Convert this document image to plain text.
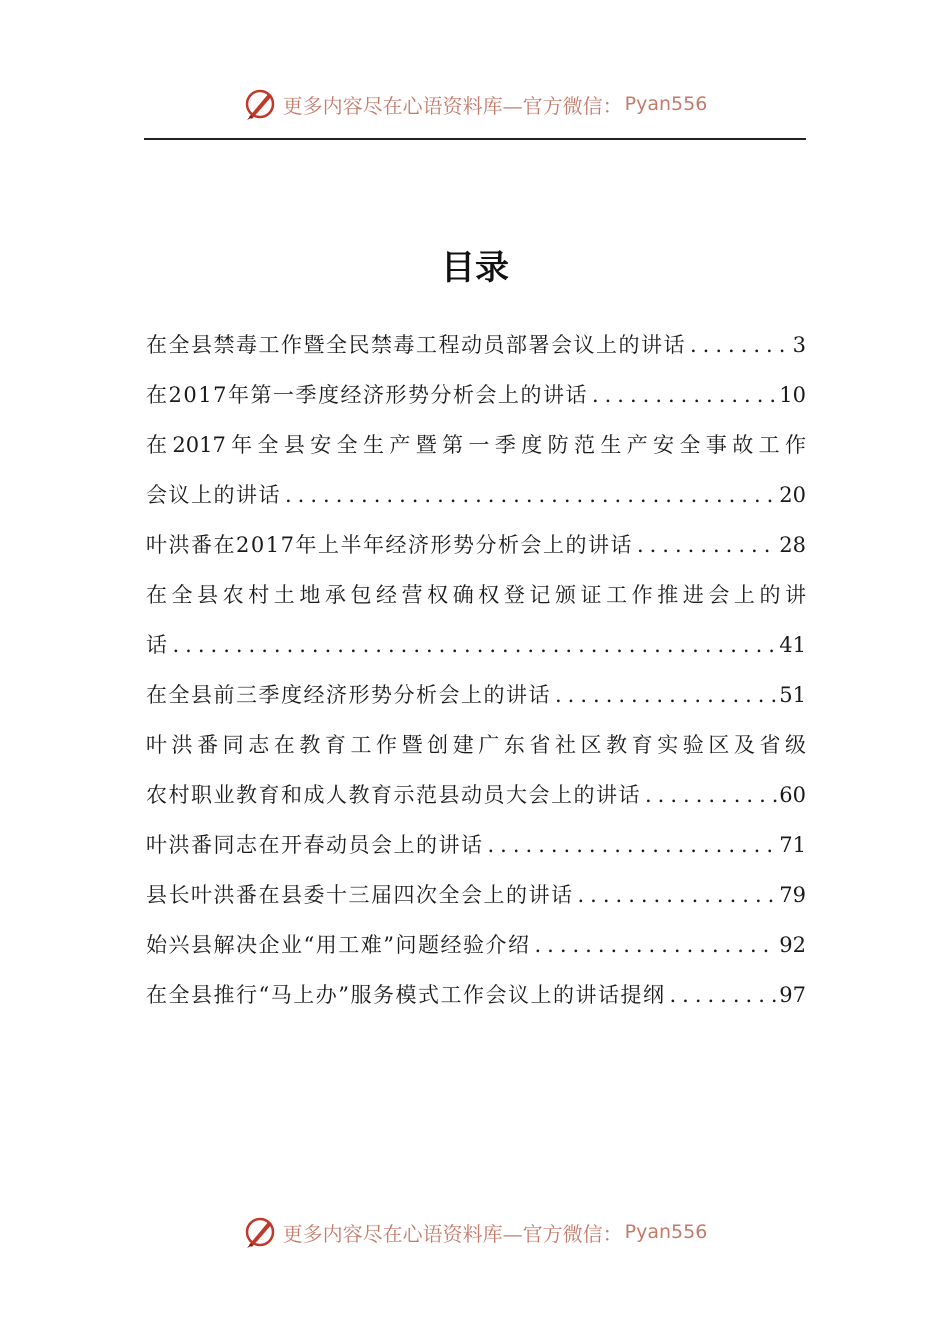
更多内容尽在心语资料库—官方微信： Pyan556
目录
在全县禁毒工作暨全民禁毒工程动员部署会议上的讲话 .....	3
在2017年第一季度经济形势分析会上的讲话 .....	10
在2017年全县安全生产暨第一季度防范生产安全事故工作
会议上的讲话 .....	20
叶洪番在2017年上半年经济形势分析会上的讲话 .....	28
在全县农村土地承包经营权确权登记颁证工作推进会上的讲
话 .....	41
在全县前三季度经济形势分析会上的讲话 .....	51
叶洪番同志在教育工作暨创建广东省社区教育实验区及省级
农村职业教育和成人教育示范县动员大会上的讲话 .....	60
叶洪番同志在开春动员会上的讲话 .....	71
县长叶洪番在县委十三届四次全会上的讲话 .....	79
始兴县解决企业“用工难”问题经验介绍 .....	92
在全县推行“马上办”服务模式工作会议上的讲话提纲 .....	97
更多内容尽在心语资料库—官方微信： Pyan556
